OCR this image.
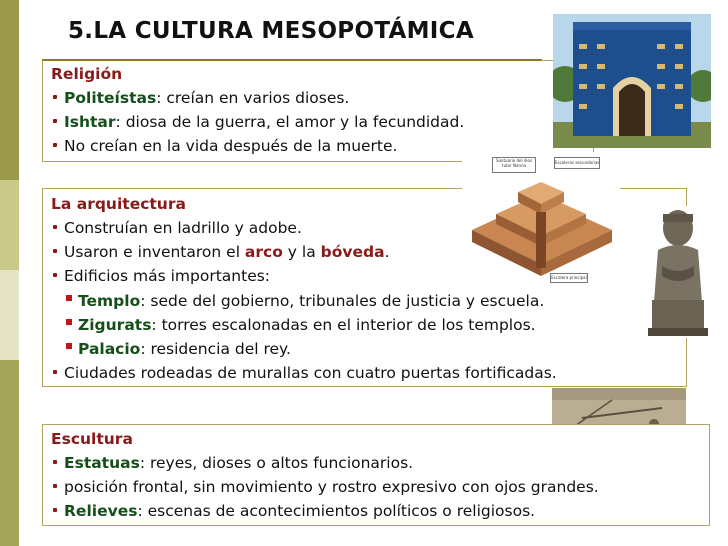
5.LA CULTURA MESOPOTÁMICA
Religión
Politeístas: creían en varios dioses.
Ishtar: diosa de la guerra, el amor y la fecundidad.
No creían en la vida después de la muerte.
La arquitectura
Construían en ladrillo y adobe.
Usaron e inventaron el arco y la bóveda.
Edificios más importantes:
Templo: sede del gobierno, tribunales de justicia y escuela.
Zigurats: torres escalonadas en el interior de los templos.
Palacio: residencia del rey.
Ciudades rodeadas de murallas con cuatro puertas fortificadas.
Santuario del dios tutor Nanna
Escaleras secundarias
Escalera principal
Escultura
Estatuas: reyes, dioses o altos funcionarios.
posición frontal, sin movimiento y rostro expresivo con ojos grandes.
Relieves: escenas de acontecimientos políticos o religiosos.
